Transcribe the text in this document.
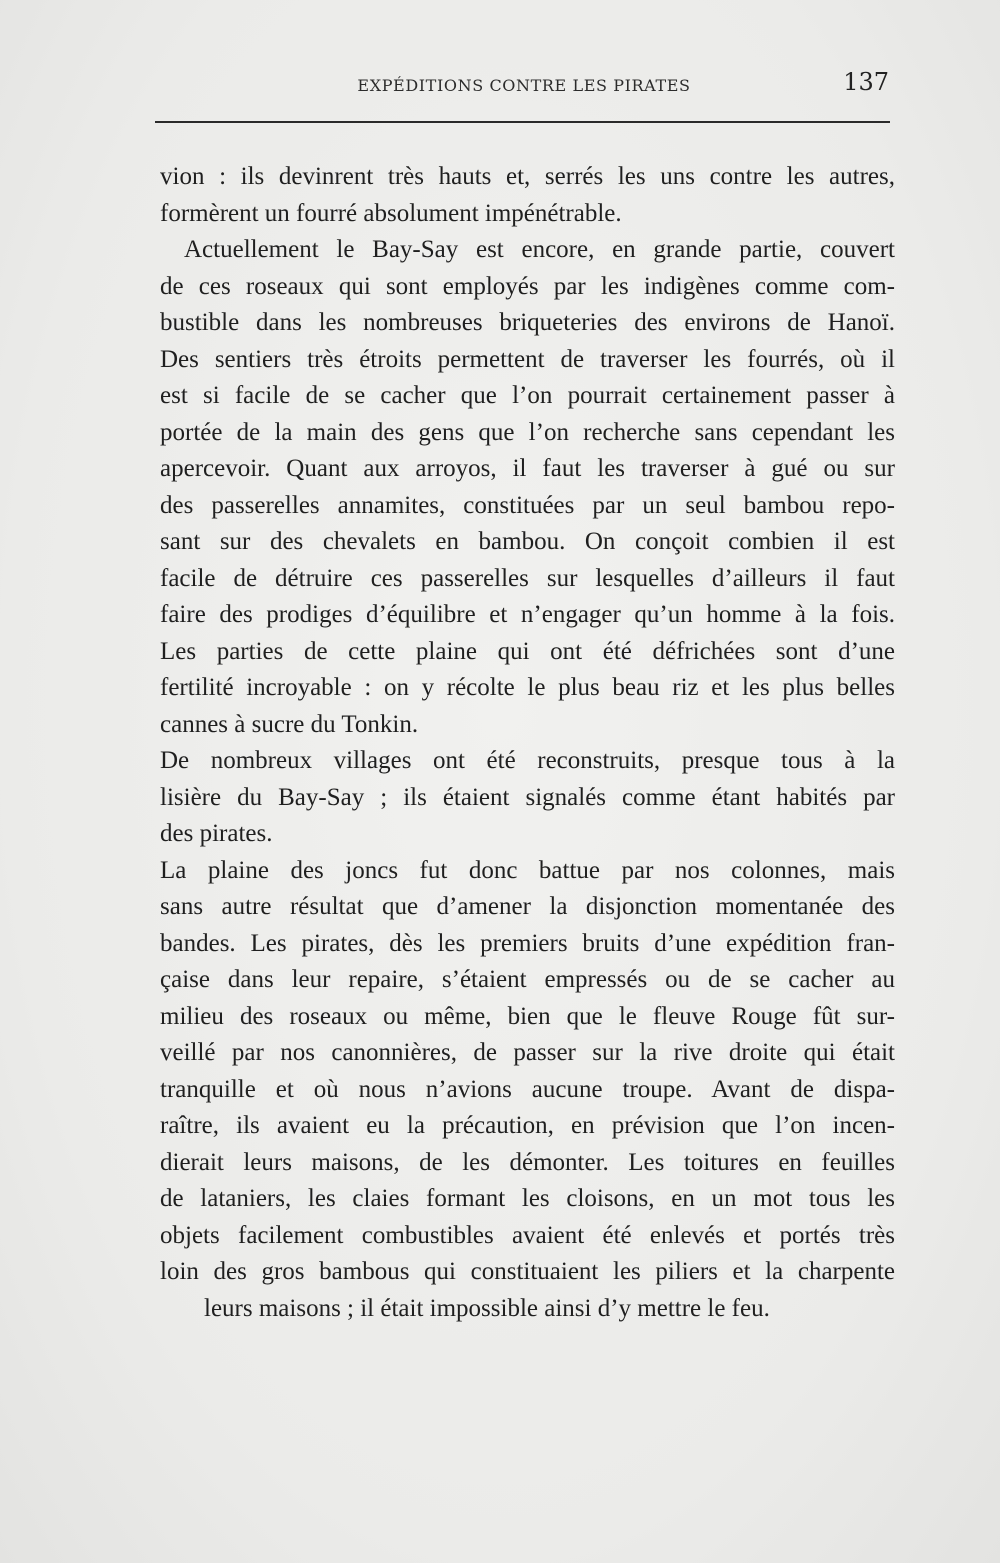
EXPÉDITIONS CONTRE LES PIRATES	137
vion : ils devinrent très hauts et, serrés les uns contre les autres,
formèrent un fourré absolument impénétrable.
Actuellement le Bay-Say est encore, en grande partie, couvert
de ces roseaux qui sont employés par les indigènes comme com-
bustible dans les nombreuses briqueteries des environs de Hanoï.
Des sentiers très étroits permettent de traverser les fourrés, où il
est si facile de se cacher que l’on pourrait certainement passer à
portée de la main des gens que l’on recherche sans cependant les
apercevoir. Quant aux arroyos, il faut les traverser à gué ou sur
des passerelles annamites, constituées par un seul bambou repo-
sant sur des chevalets en bambou. On conçoit combien il est
facile de détruire ces passerelles sur lesquelles d’ailleurs il faut
faire des prodiges d’équilibre et n’engager qu’un homme à la fois.
Les parties de cette plaine qui ont été défrichées sont d’une
fertilité incroyable : on y récolte le plus beau riz et les plus belles
cannes à sucre du Tonkin.
De nombreux villages ont été reconstruits, presque tous à la
lisière du Bay-Say ; ils étaient signalés comme étant habités par
des pirates.
La plaine des joncs fut donc battue par nos colonnes, mais
sans autre résultat que d’amener la disjonction momentanée des
bandes. Les pirates, dès les premiers bruits d’une expédition fran-
çaise dans leur repaire, s’étaient empressés ou de se cacher au
milieu des roseaux ou même, bien que le fleuve Rouge fût sur-
veillé par nos canonnières, de passer sur la rive droite qui était
tranquille et où nous n’avions aucune troupe. Avant de dispa-
raître, ils avaient eu la précaution, en prévision que l’on incen-
dierait leurs maisons, de les démonter. Les toitures en feuilles
de lataniers, les claies formant les cloisons, en un mot tous les
objets facilement combustibles avaient été enlevés et portés très
loin des gros bambous qui constituaient les piliers et la charpente
leurs maisons ; il était impossible ainsi d’y mettre le feu.
